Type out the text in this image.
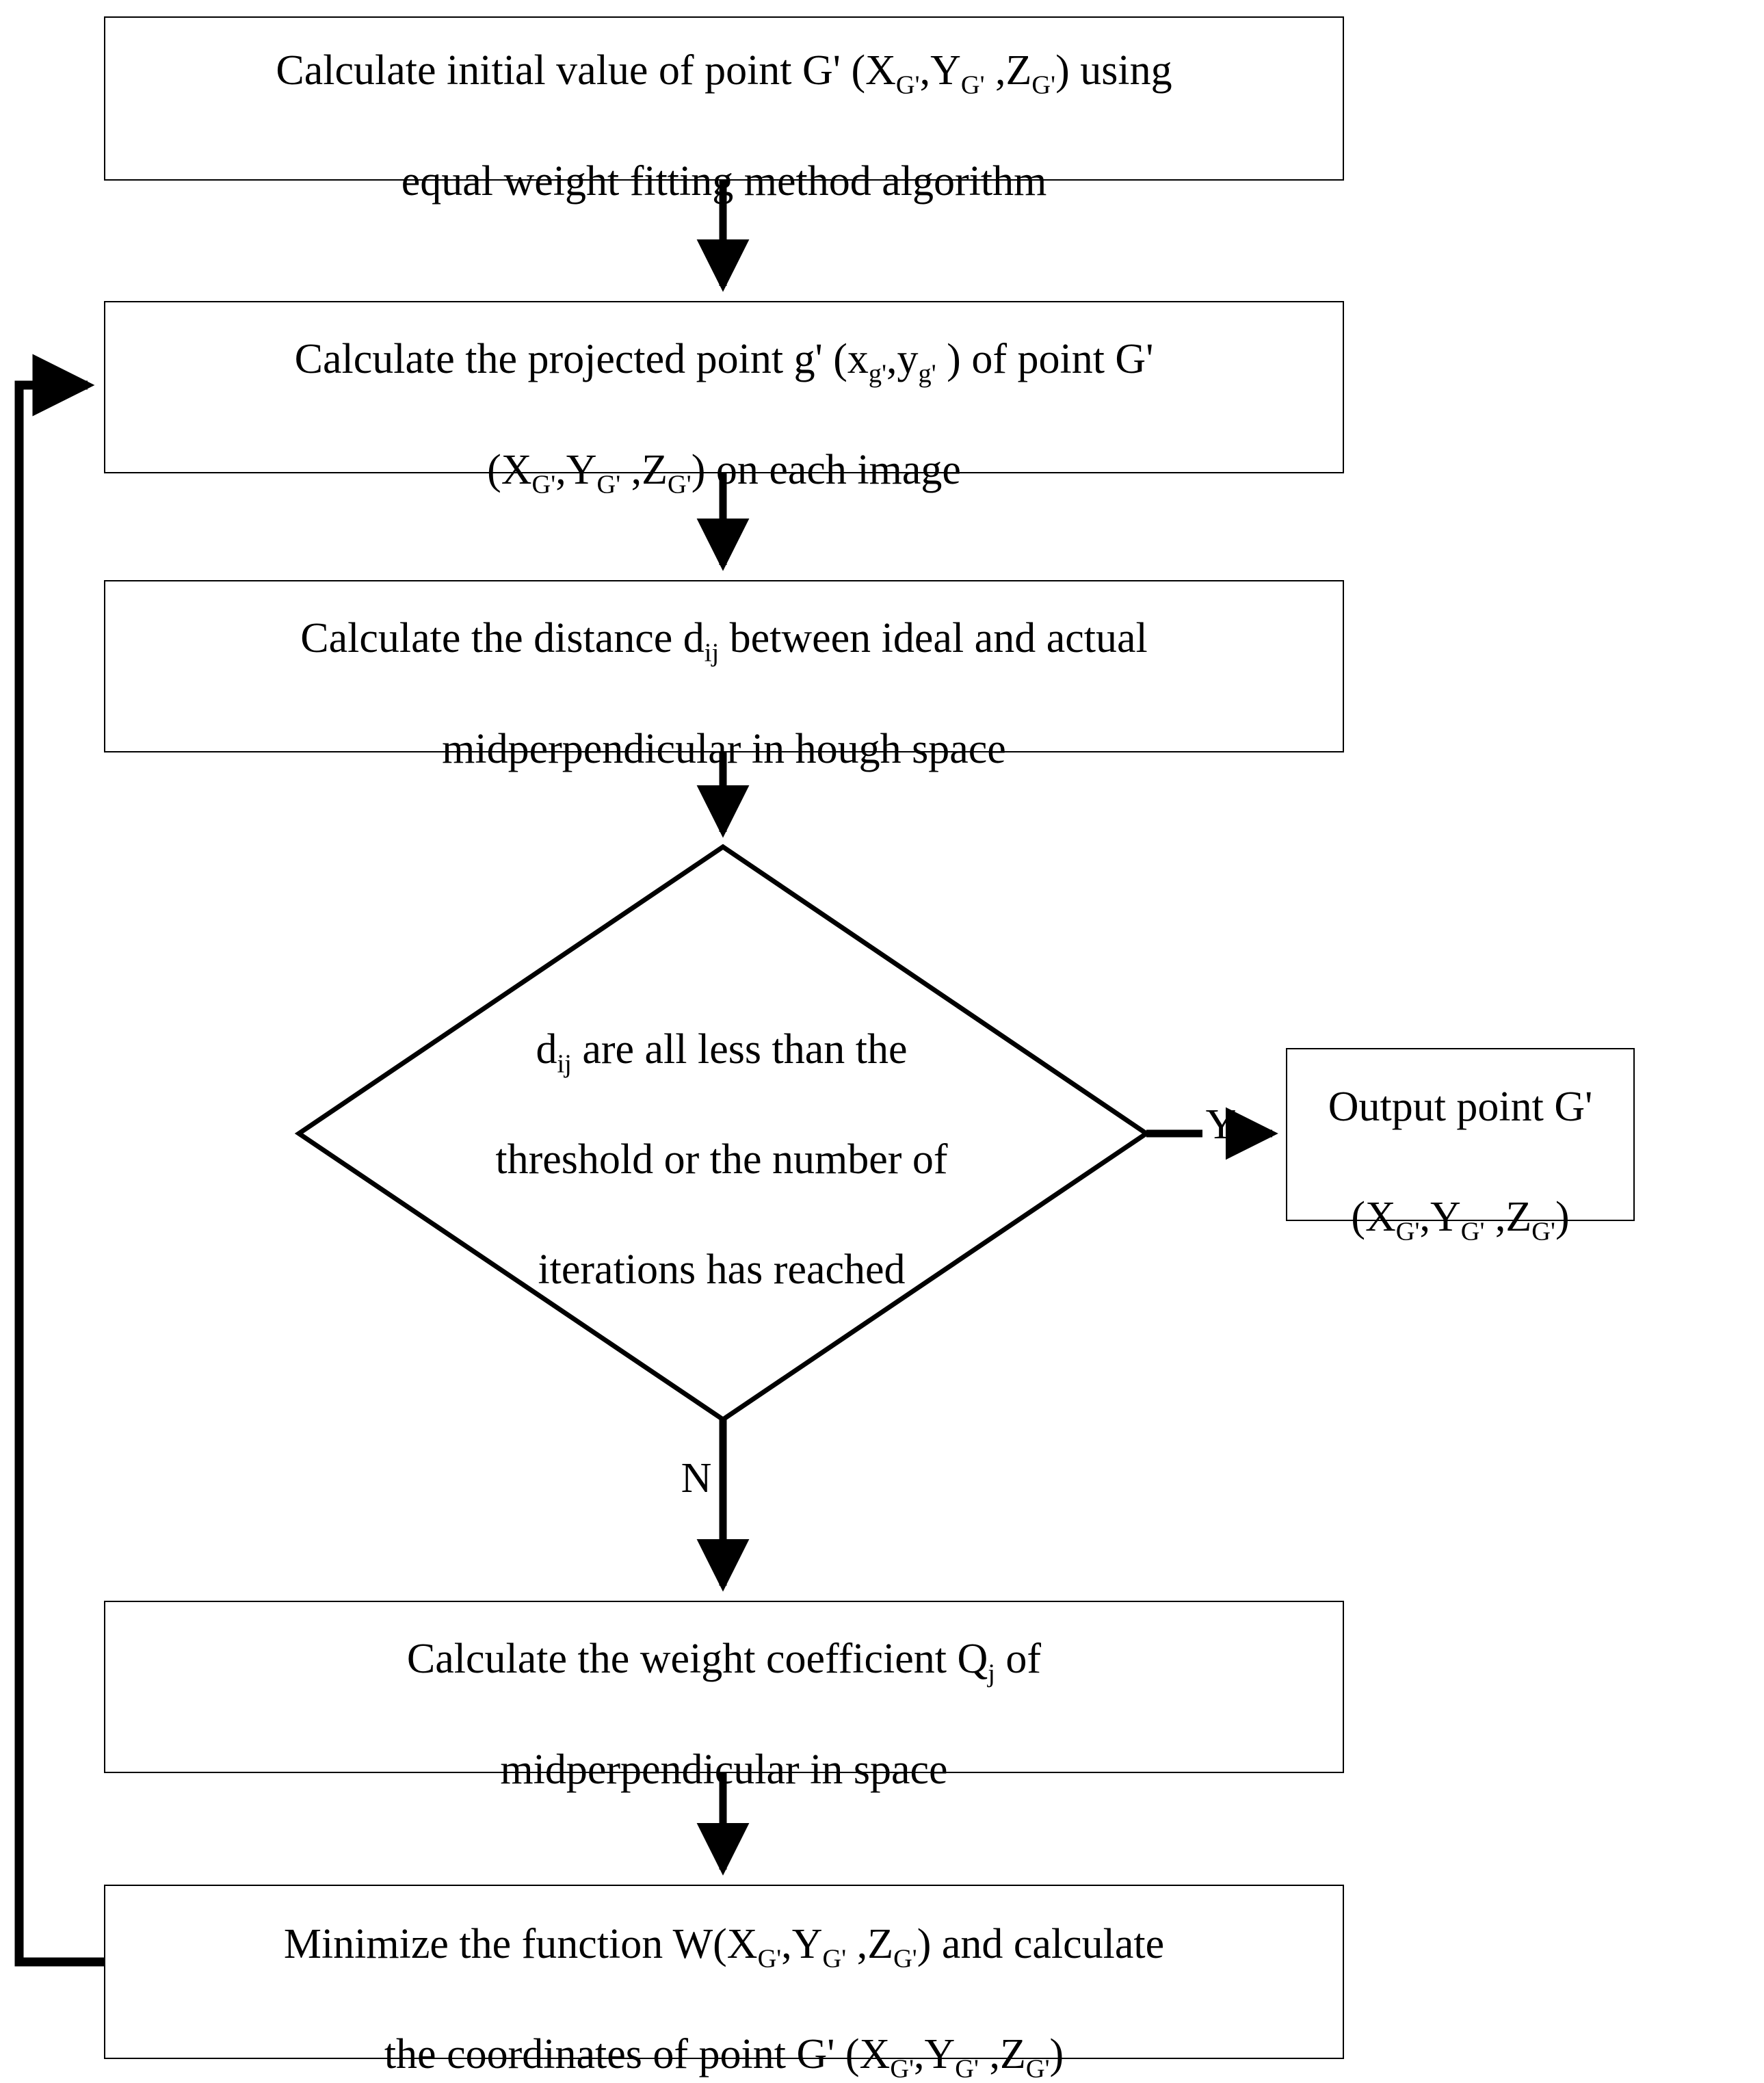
Calculate initial value of point G' ($X_{G'},Y_{G'}$ $,Z_{G'}$) using

equal weight fitting method algorithm

Calculate the projected point g' ($x_{g'},y_{g'}$ ) of point G'

($X_{G'},Y_{G'}$ $,Z_{G'}$) on each image

Calculate the distance $d_{ij}$ between ideal and actual

midperpendicular in hough space

$d_{ij}$ are all less than the

threshold or the number of

iterations has reached

Output point G'

($X_{G'},Y_{G'}$ $,Z_{G'}$)

Calculate the weight coefficient $Q_j$ of

midperpendicular in space

Minimize the function $W(X_{G'},Y_{G'}$ $,Z_{G'}$) and calculate

the coordinates of point G' ($X_{G'},Y_{G'}$ $,Z_{G'}$)

Y
N
